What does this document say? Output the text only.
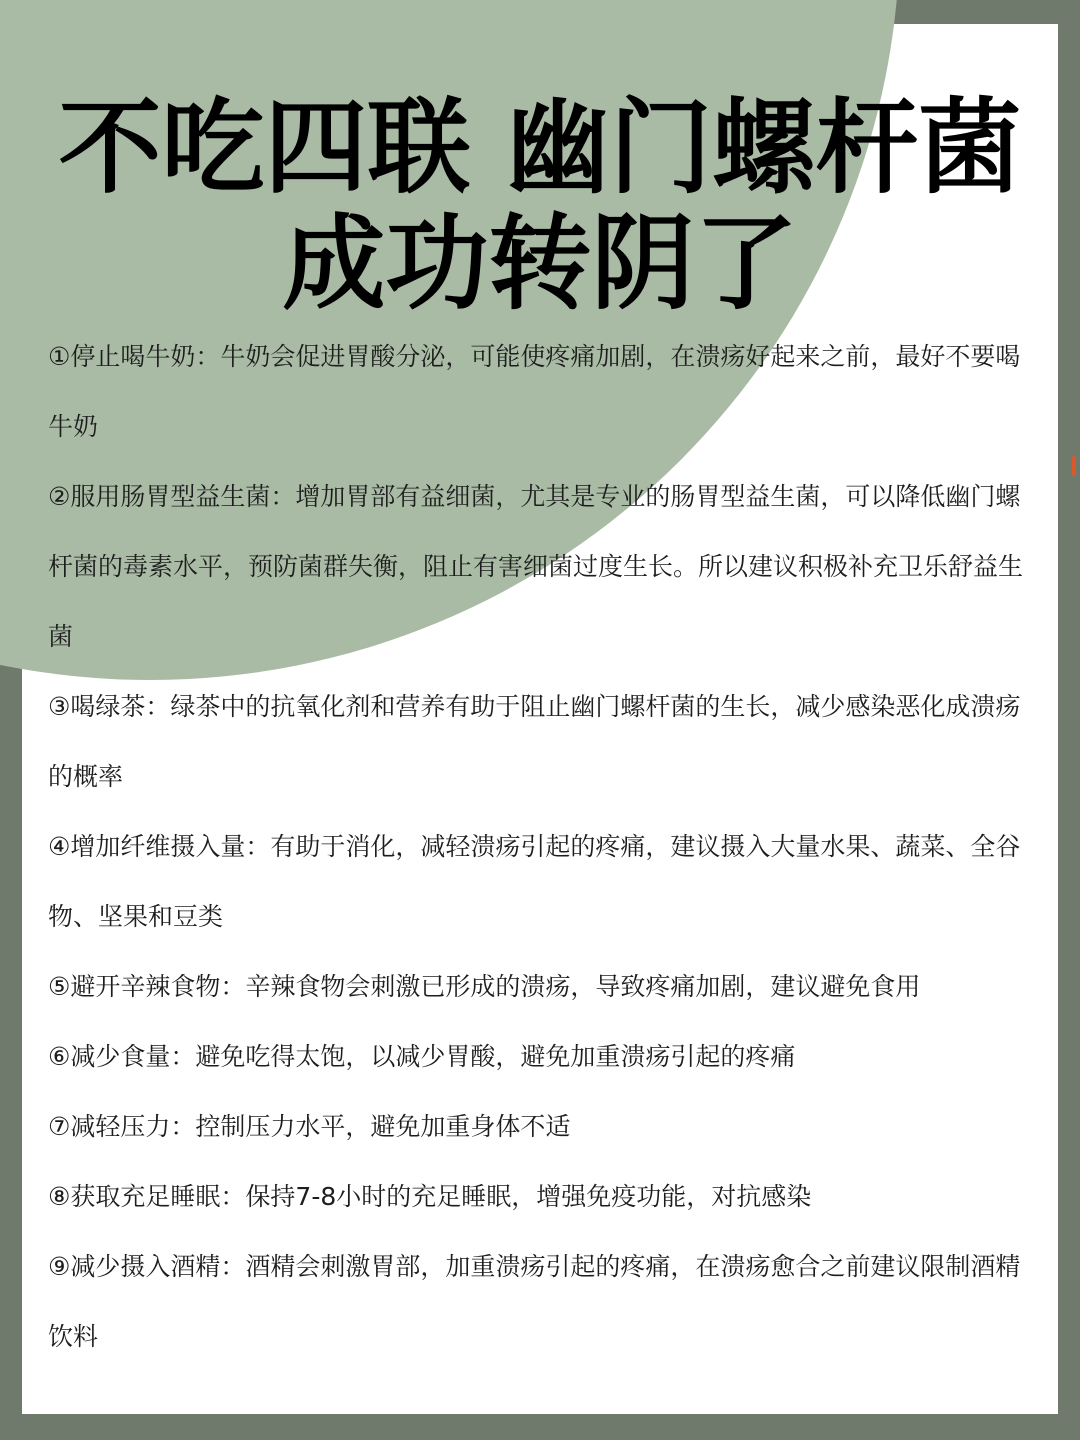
不吃四联 幽门螺杆菌
成功转阴了
①停止喝牛奶：牛奶会促进胃酸分泌，可能使疼痛加剧，在溃疡好起来之前，最好不要喝牛奶
②服用肠胃型益生菌：增加胃部有益细菌，尤其是专业的肠胃型益生菌，可以降低幽门螺杆菌的毒素水平，预防菌群失衡，阻止有害细菌过度生长。所以建议积极补充卫乐舒益生菌
③喝绿茶：绿茶中的抗氧化剂和营养有助于阻止幽门螺杆菌的生长，减少感染恶化成溃疡的概率
④增加纤维摄入量：有助于消化，减轻溃疡引起的疼痛，建议摄入大量水果、蔬菜、全谷物、坚果和豆类
⑤避开辛辣食物：辛辣食物会刺激已形成的溃疡，导致疼痛加剧，建议避免食用
⑥减少食量：避免吃得太饱，以减少胃酸，避免加重溃疡引起的疼痛
⑦减轻压力：控制压力水平，避免加重身体不适
⑧获取充足睡眠：保持7-8小时的充足睡眠，增强免疫功能，对抗感染
⑨减少摄入酒精：酒精会刺激胃部，加重溃疡引起的疼痛，在溃疡愈合之前建议限制酒精饮料
